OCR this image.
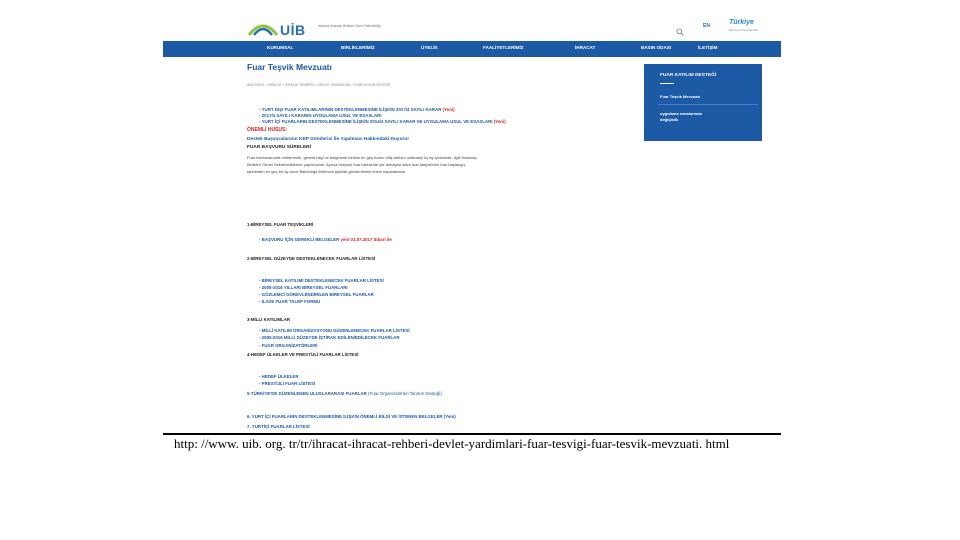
UİB	İstanbul İhracatçı Birlikleri Genel Sekreterliği	EN	Türkiye
Discover the potential
KURUMSAL	BİRLİKLERİMİZ	ÜYELİK	FAALİYETLERİMİZ	İHRACAT	BASIN ODASI	İLETİŞİM
Fuar Teşvik Mevzuatı
ANA SAYFA > İHRACAT > İHRACAT REHBERİ > DEVLET YARDIMLARI > FUAR KATILIM DESTEĞİ
- YURT DIŞI FUAR KATILIMLARININ DESTEKLENMESİNE İLİŞKİN 2017/4 SAYILI KARAR (Yeni)
- 2017/4 SAYILI KARARIN UYGULAMA USUL VE ESASLARI
- YURT İÇİ FUARLARIN DESTEKLENMESİNE İLİŞKİN 2014/4 SAYILI KARAR VE UYGULAMA USUL VE ESASLARI (Yeni)
ÖNEMLİ HUSUS:
Destek Başvurularının KEP Gönderisi İle Yapılması Hakkındaki Duyuru!
FUAR BAŞVURU SÜRELERİ
Fuar katılımlarında mükerrerlik, gerekli bilgi ve belgelerle birlikte en geç fuarın bitiş tarihini müteakip üç ay içerisinde; ilgili İhracatçı
Birlikleri Genel Sekreterliklerine yapılmalıdır. Ayrıca bireysel fuar listesinde yer almayan dava fuar taleplerinin fuar başlangıç
tarihinden en geç bir ay önce Bakanlığa iletilecek şekilde gönderilmesi önem taşımaktadır.
1-BİREYSEL FUAR TEŞVİKLERİ
- BAŞVURU İÇİN GEREKLİ BELGELER yeni 01.07.2017 itibari ile
2-BİREYSEL DÜZEYDE DESTEKLENECEK FUARLAR LİSTESİ
- BİREYSEL KATILIMI DESTEKLENECEK FUARLAR LİSTESİ
- 2005-2016 YILLARI BİREYSEL FUARLARI
- GÖZLEMCİ GÖREVLENDİRİLEN BİREYSEL FUARLAR
- İLAVE FUAR TALEP FORMU
3-MİLLİ KATILIMLAR
- MİLLİ KATILIM ORGANİZASYONU DÜZENLENECEK FUARLAR LİSTESİ
- 2005-2016 MİLLİ DÜZEYDE İŞTİRAK EDİLEN/EDİLECEK FUARLAR
- FUAR ORGANİZATÖRLERİ
4-HEDEF ÜLKELER VE PRESTİJLİ FUARLAR LİSTESİ
- HEDEF ÜLKELER
- PRESTİJLİ FUAR LİSTESİ
5-TÜRKİYE'DE DÜZENLENEN ULUSLARARASI FUARLAR (Fuar Organizatörleri Tanıtım Desteği)
6. YURT İÇİ FUARLARIN DESTEKLENMESİNE İLİŞKİN ÖNEMLİ BİLGİ VE İSTENEN BELGELER (Yeni)
7. YURTİÇİ FUARLAR LİSTESİ
FUAR KATILIM DESTEĞİ
Fuar Teşvik Mevzuatı
uygulama esaslarında
değişiklik
http: //www. uib. org. tr/tr/ihracat-ihracat-rehberi-devlet-yardimlari-fuar-tesvigi-fuar-tesvik-mevzuati. html
